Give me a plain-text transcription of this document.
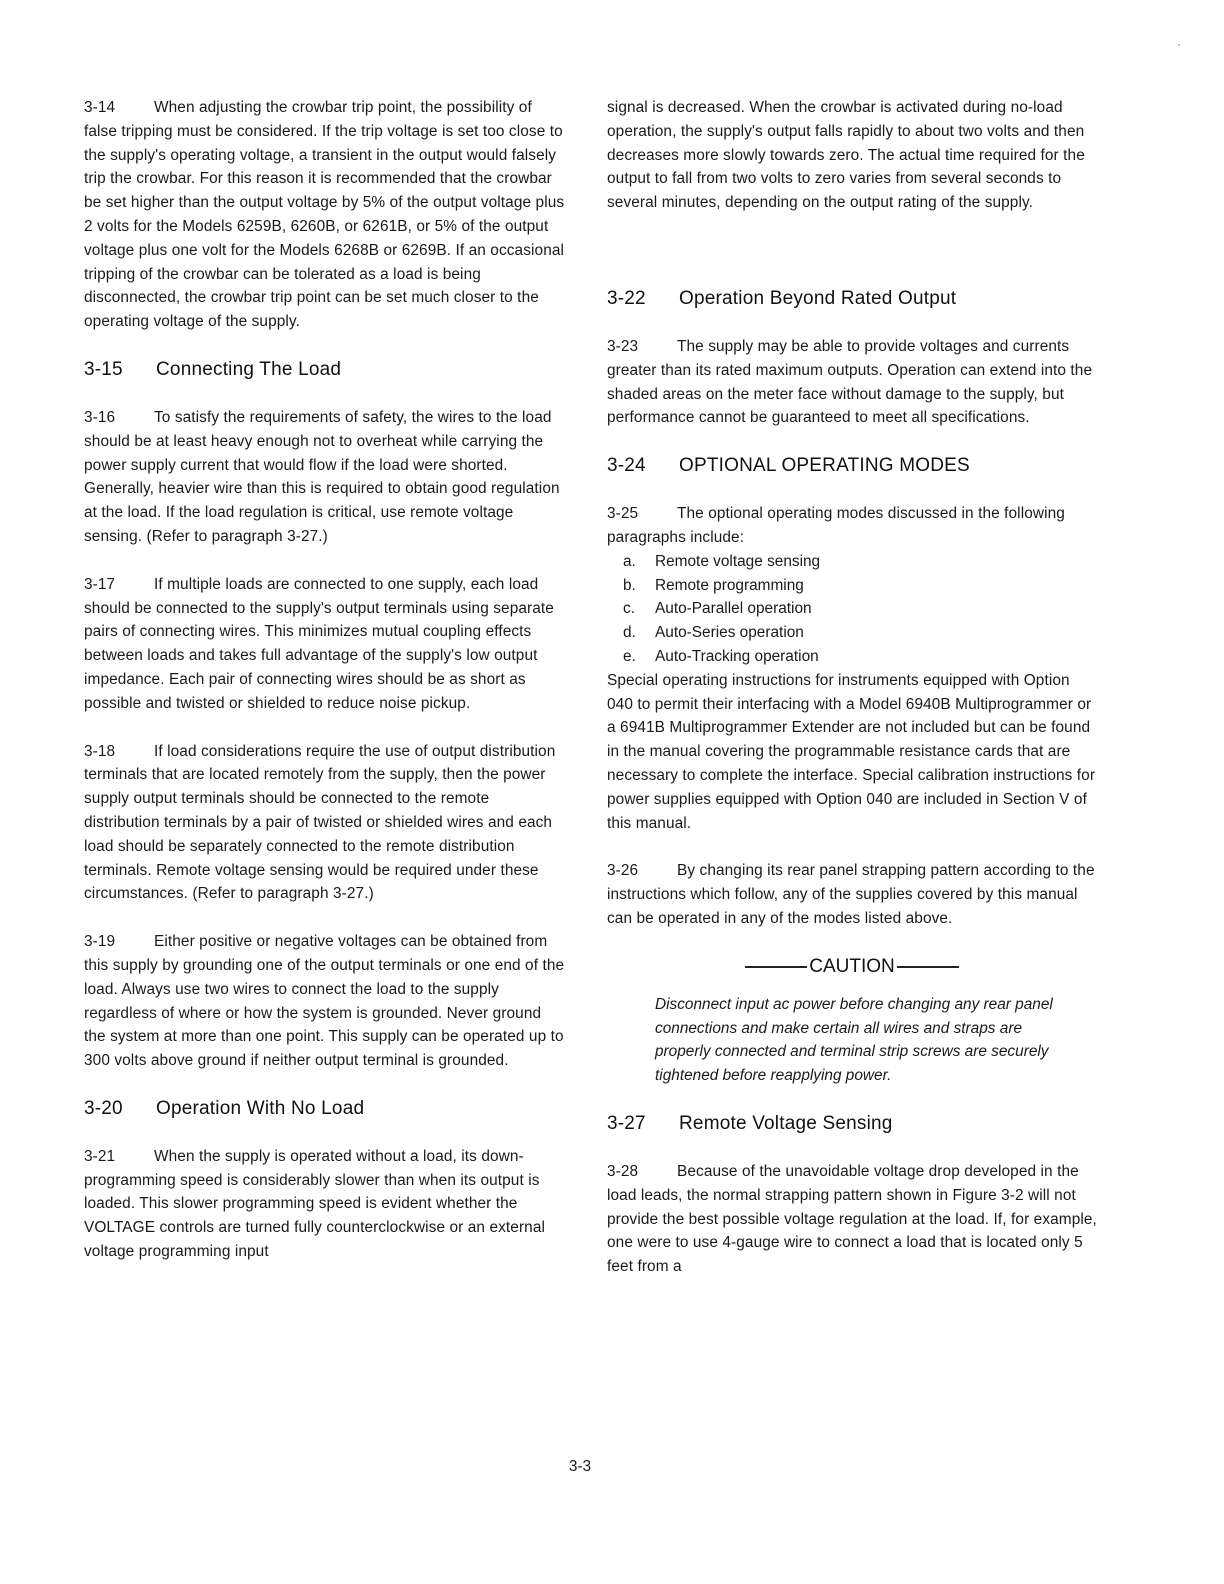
3-14	When adjusting the crowbar trip point, the possibility of false tripping must be considered. If the trip voltage is set too close to the supply's operating voltage, a transient in the output would falsely trip the crowbar. For this reason it is recommended that the crowbar be set higher than the output voltage by 5% of the output voltage plus 2 volts for the Models 6259B, 6260B, or 6261B, or 5% of the output voltage plus one volt for the Models 6268B or 6269B. If an occasional tripping of the crowbar can be tolerated as a load is being disconnected, the crowbar trip point can be set much closer to the operating voltage of the supply.

3-15 Connecting The Load

3-16	To satisfy the requirements of safety, the wires to the load should be at least heavy enough not to overheat while carrying the power supply current that would flow if the load were shorted. Generally, heavier wire than this is required to obtain good regulation at the load. If the load regulation is critical, use remote voltage sensing. (Refer to paragraph 3-27.)

3-17	If multiple loads are connected to one supply, each load should be connected to the supply's output terminals using separate pairs of connecting wires. This minimizes mutual coupling effects between loads and takes full advantage of the supply's low output impedance. Each pair of connecting wires should be as short as possible and twisted or shielded to reduce noise pickup.

3-18	If load considerations require the use of output distribution terminals that are located remotely from the supply, then the power supply output terminals should be connected to the remote distribution terminals by a pair of twisted or shielded wires and each load should be separately connected to the remote distribution terminals. Remote voltage sensing would be required under these circumstances. (Refer to paragraph 3-27.)

3-19	Either positive or negative voltages can be obtained from this supply by grounding one of the output terminals or one end of the load. Always use two wires to connect the load to the supply regardless of where or how the system is grounded. Never ground the system at more than one point. This supply can be operated up to 300 volts above ground if neither output terminal is grounded.

3-20 Operation With No Load

3-21	When the supply is operated without a load, its down-programming speed is considerably slower than when its output is loaded. This slower programming speed is evident whether the VOLTAGE controls are turned fully counterclockwise or an external voltage programming input

signal is decreased. When the crowbar is activated during no-load operation, the supply's output falls rapidly to about two volts and then decreases more slowly towards zero. The actual time required for the output to fall from two volts to zero varies from several seconds to several minutes, depending on the output rating of the supply.

3-22 Operation Beyond Rated Output

3-23	The supply may be able to provide voltages and currents greater than its rated maximum outputs. Operation can extend into the shaded areas on the meter face without damage to the supply, but performance cannot be guaranteed to meet all specifications.

3-24 OPTIONAL OPERATING MODES

3-25	The optional operating modes discussed in the following paragraphs include:

a. Remote voltage sensing
b. Remote programming
c. Auto-Parallel operation
d. Auto-Series operation
e. Auto-Tracking operation

Special operating instructions for instruments equipped with Option 040 to permit their interfacing with a Model 6940B Multiprogrammer or a 6941B Multiprogrammer Extender are not included but can be found in the manual covering the programmable resistance cards that are necessary to complete the interface. Special calibration instructions for power supplies equipped with Option 040 are included in Section V of this manual.

3-26	By changing its rear panel strapping pattern according to the instructions which follow, any of the supplies covered by this manual can be operated in any of the modes listed above.

CAUTION

Disconnect input ac power before changing any rear panel connections and make certain all wires and straps are properly connected and terminal strip screws are securely tightened before reapplying power.

3-27 Remote Voltage Sensing

3-28	Because of the unavoidable voltage drop developed in the load leads, the normal strapping pattern shown in Figure 3-2 will not provide the best possible voltage regulation at the load. If, for example, one were to use 4-gauge wire to connect a load that is located only 5 feet from a

3-3
